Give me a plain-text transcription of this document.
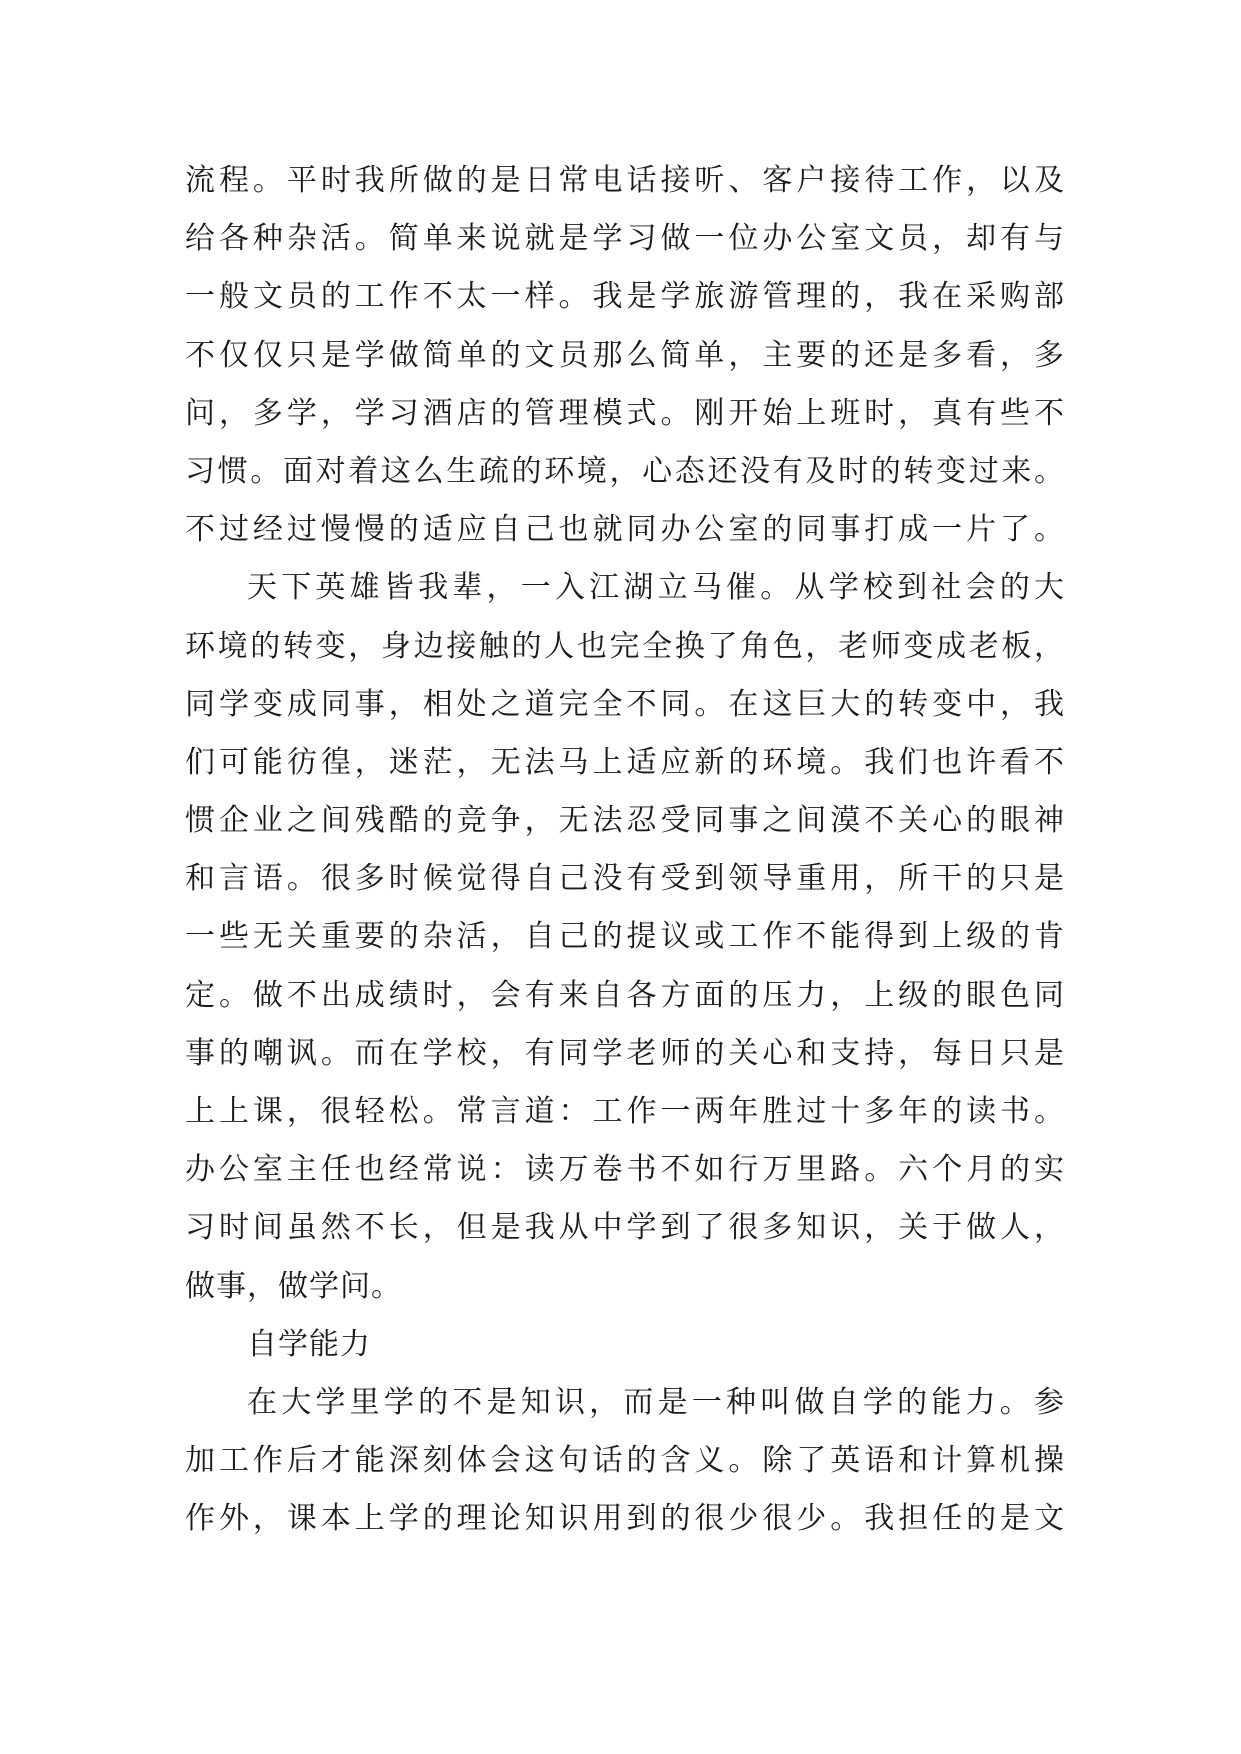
流程。平时我所做的是日常电话接听、客户接待工作，以及
给各种杂活。简单来说就是学习做一位办公室文员，却有与
一般文员的工作不太一样。我是学旅游管理的，我在采购部
不仅仅只是学做简单的文员那么简单，主要的还是多看，多
问，多学，学习酒店的管理模式。刚开始上班时，真有些不
习惯。面对着这么生疏的环境，心态还没有及时的转变过来。
不过经过慢慢的适应自己也就同办公室的同事打成一片了。
天下英雄皆我辈，一入江湖立马催。从学校到社会的大
环境的转变，身边接触的人也完全换了角色，老师变成老板，
同学变成同事，相处之道完全不同。在这巨大的转变中，我
们可能彷徨，迷茫，无法马上适应新的环境。我们也许看不
惯企业之间残酷的竞争，无法忍受同事之间漠不关心的眼神
和言语。很多时候觉得自己没有受到领导重用，所干的只是
一些无关重要的杂活，自己的提议或工作不能得到上级的肯
定。做不出成绩时，会有来自各方面的压力，上级的眼色同
事的嘲讽。而在学校，有同学老师的关心和支持，每日只是
上上课，很轻松。常言道：工作一两年胜过十多年的读书。
办公室主任也经常说：读万卷书不如行万里路。六个月的实
习时间虽然不长，但是我从中学到了很多知识，关于做人，
做事，做学问。
自学能力
在大学里学的不是知识，而是一种叫做自学的能力。参
加工作后才能深刻体会这句话的含义。除了英语和计算机操
作外，课本上学的理论知识用到的很少很少。我担任的是文
